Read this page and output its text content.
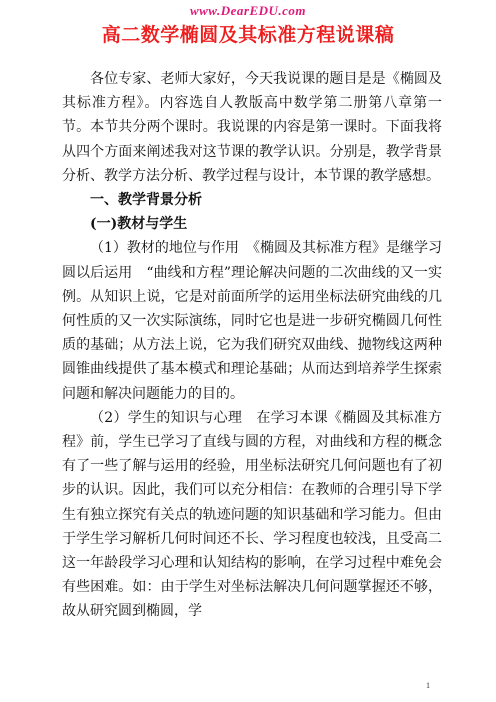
www.DearEDU.com
高二数学椭圆及其标准方程说课稿

各位专家、老师大家好，今天我说课的题目是是《椭圆及其标准方程》。内容选自人教版高中数学第二册第八章第一节。本节共分两个课时。我说课的内容是第一课时。下面我将从四个方面来阐述我对这节课的教学认识。分别是，教学背景分析、教学方法分析、教学过程与设计，本节课的教学感想。

一、教学背景分析
(一)教材与学生

（1）教材的地位与作用　《椭圆及其标准方程》是继学习圆以后运用　“曲线和方程”理论解决问题的二次曲线的又一实例。从知识上说，它是对前面所学的运用坐标法研究曲线的几何性质的又一次实际演练，同时它也是进一步研究椭圆几何性质的基础；从方法上说，它为我们研究双曲线、抛物线这两种圆锥曲线提供了基本模式和理论基础；从而达到培养学生探索问题和解决问题能力的目的。

（2）学生的知识与心理　在学习本课《椭圆及其标准方程》前，学生已学习了直线与圆的方程，对曲线和方程的概念有了一些了解与运用的经验，用坐标法研究几何问题也有了初步的认识。因此，我们可以充分相信：在教师的合理引导下学生有独立探究有关点的轨迹问题的知识基础和学习能力。但由于学生学习解析几何时间还不长、学习程度也较浅，且受高二这一年龄段学习心理和认知结构的影响，在学习过程中难免会有些困难。如：由于学生对坐标法解决几何问题掌握还不够，故从研究圆到椭圆，学

1
